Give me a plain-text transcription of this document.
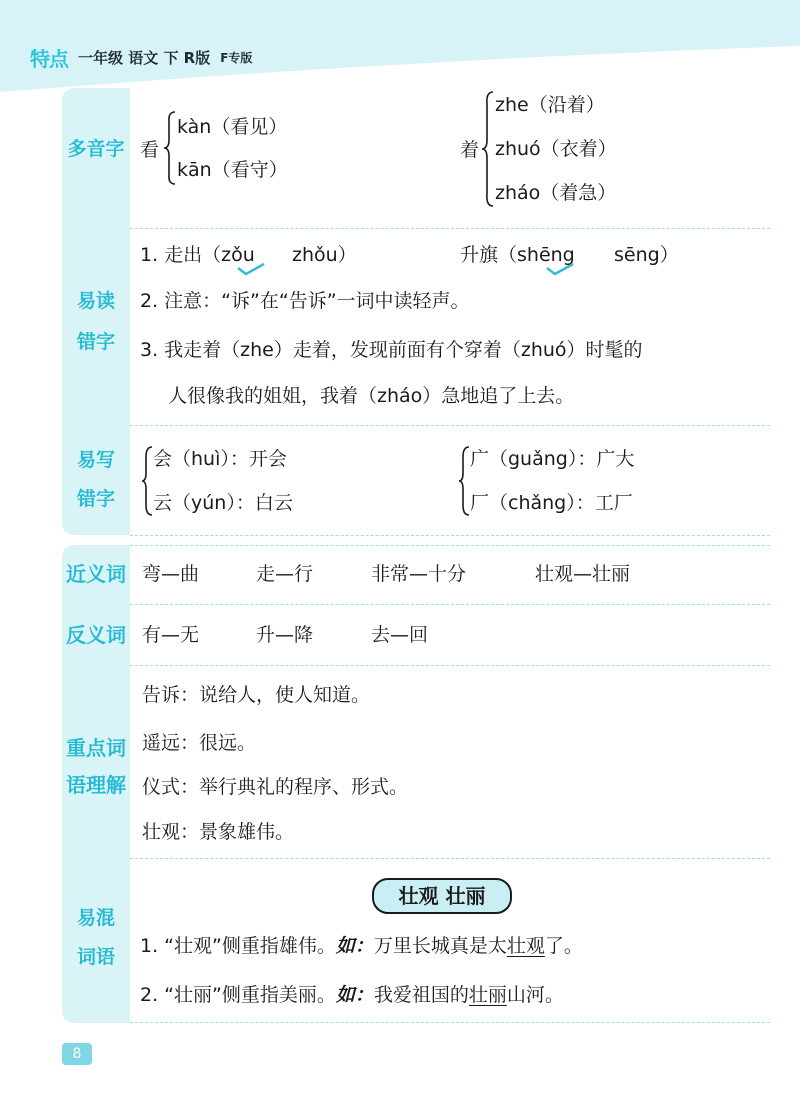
特点 一年级 语文 下 R版 F专版
多音字 看
kàn（看见）
kān（看守）
着
zhe（沿着）
zhuó（衣着）
zháo（着急）
易读
错字
1. 走出（zǒu zhǒu）	升旗（shēng sēng）
2. 注意：“诉”在“告诉”一词中读轻声。
3. 我走着（zhe）走着，发现前面有个穿着（zhuó）时髦的
人很像我的姐姐，我着（zháo）急地追了上去。
易写
错字
会（huì）：开会
云（yún）：白云
广（guǎng）：广大
厂（chǎng）：工厂
近义词 弯—曲	走—行	非常—十分	壮观—壮丽
反义词 有—无	升—降	去—回
重点词
语理解
告诉：说给人，使人知道。
遥远：很远。
仪式：举行典礼的程序、形式。
壮观：景象雄伟。
易混
词语
壮观 壮丽
1. “壮观”侧重指雄伟。如：万里长城真是太壮观了。
2. “壮丽”侧重指美丽。如：我爱祖国的壮丽山河。
8
